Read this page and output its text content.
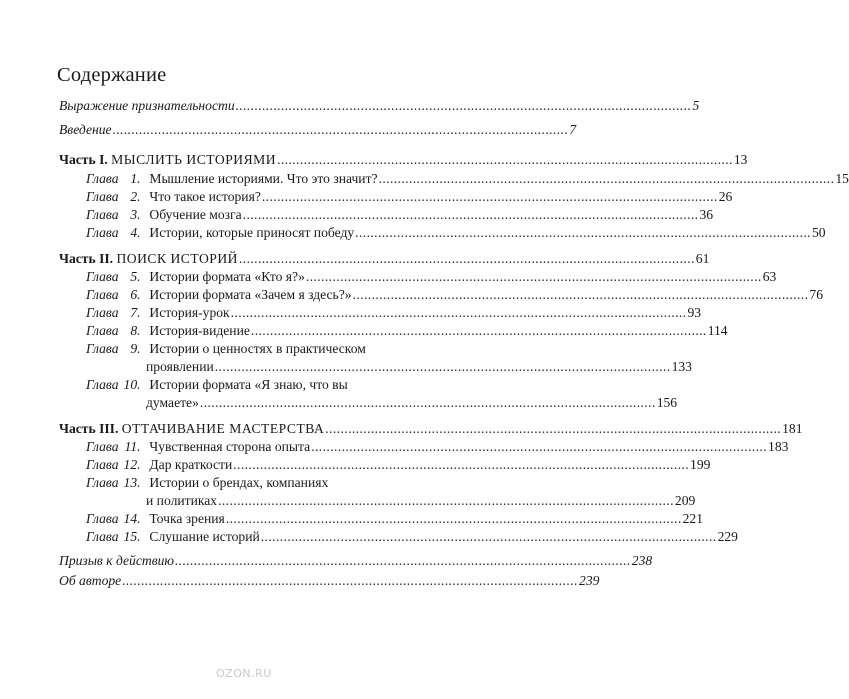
Содержание
Выражение признательности ........................................................................................................................ 5
Введение ........................................................................................................................ 7
Часть I. МЫСЛИТЬ ИСТОРИЯМИ ........................................................................................................................ 13
Глава 1. Мышление историями. Что это значит? ........................................................................................................................ 15
Глава 2. Что такое история? ........................................................................................................................ 26
Глава 3. Обучение мозга ........................................................................................................................ 36
Глава 4. Истории, которые приносят победу ........................................................................................................................ 50
Часть II. ПОИСК ИСТОРИЙ ........................................................................................................................ 61
Глава 5. Истории формата «Кто я?» ........................................................................................................................ 63
Глава 6. Истории формата «Зачем я здесь?» ........................................................................................................................ 76
Глава 7. История-урок ........................................................................................................................ 93
Глава 8. История-видение ........................................................................................................................ 114
Глава 9. Истории о ценностях в практическом
проявлении ........................................................................................................................ 133
Глава 10. Истории формата «Я знаю, что вы
думаете» ........................................................................................................................ 156
Часть III. ОТТАЧИВАНИЕ МАСТЕРСТВА ........................................................................................................................ 181
Глава 11. Чувственная сторона опыта ........................................................................................................................ 183
Глава 12. Дар краткости ........................................................................................................................ 199
Глава 13. Истории о брендах, компаниях
и политиках ........................................................................................................................ 209
Глава 14. Точка зрения ........................................................................................................................ 221
Глава 15. Слушание историй ........................................................................................................................ 229
Призыв к действию ........................................................................................................................ 238
Об авторе ........................................................................................................................ 239
OZON.RU
